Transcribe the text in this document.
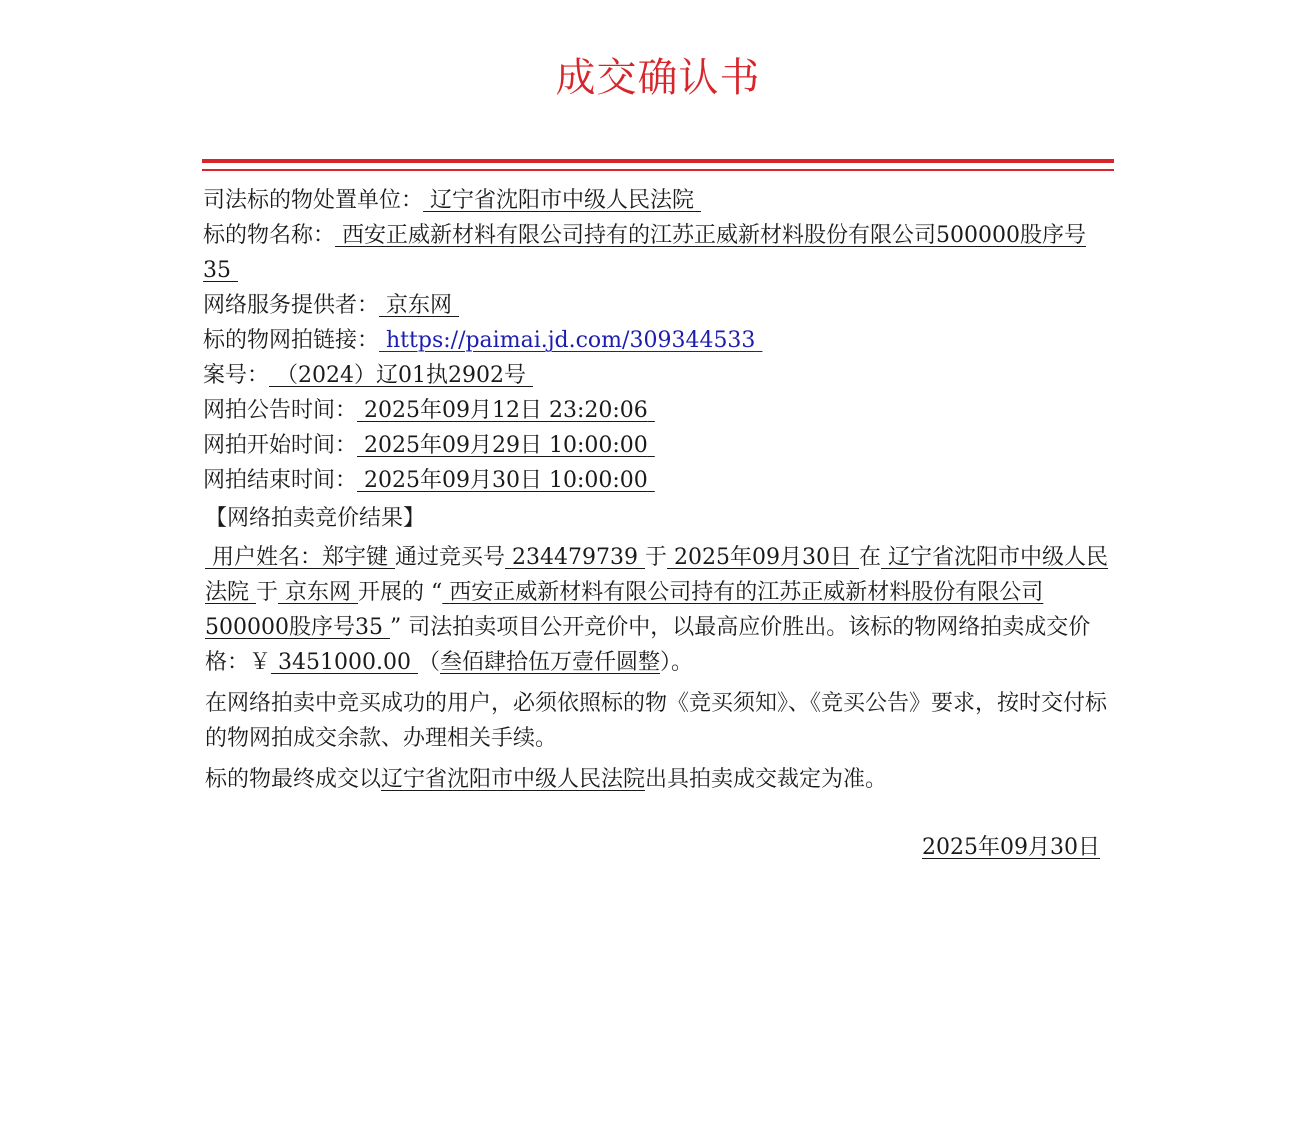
成交确认书
司法标的物处置单位： 辽宁省沈阳市中级人民法院
标的物名称： 西安正威新材料有限公司持有的江苏正威新材料股份有限公司500000股序号35
网络服务提供者： 京东网
标的物网拍链接： https://paimai.jd.com/309344533
案号： （2024）辽01执2902号
网拍公告时间： 2025年09月12日 23:20:06
网拍开始时间： 2025年09月29日 10:00:00
网拍结束时间： 2025年09月30日 10:00:00
【网络拍卖竞价结果】
用户姓名：郑宇键 通过竞买号 234479739 于 2025年09月30日 在 辽宁省沈阳市中级人民法院 于 京东网 开展的 “ 西安正威新材料有限公司持有的江苏正威新材料股份有限公司500000股序号35 ” 司法拍卖项目公开竞价中，以最高应价胜出。该标的物网络拍卖成交价格：￥ 3451000.00 （叁佰肆拾伍万壹仟圆整）。
在网络拍卖中竞买成功的用户，必须依照标的物《竞买须知》、《竞买公告》要求，按时交付标的物网拍成交余款、办理相关手续。
标的物最终成交以辽宁省沈阳市中级人民法院出具拍卖成交裁定为准。
2025年09月30日
